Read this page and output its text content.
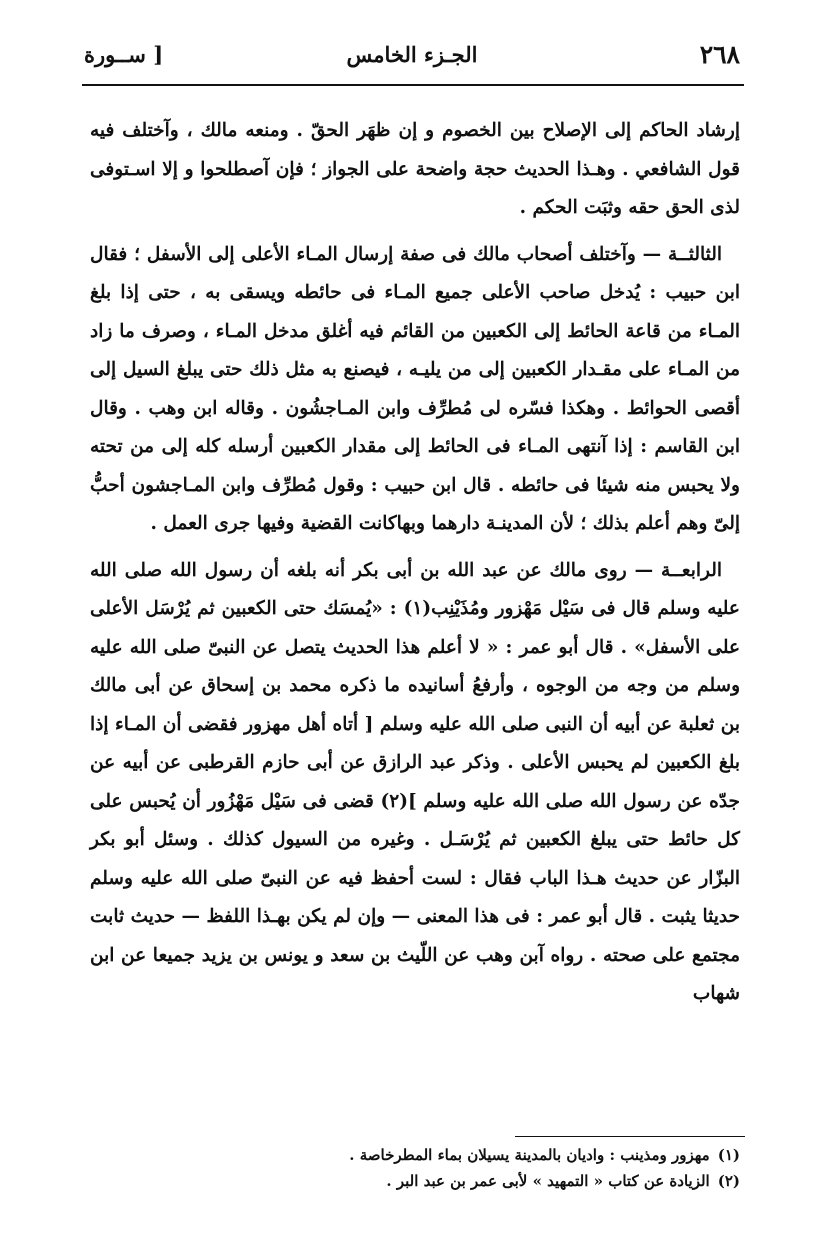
٢٦٨
الجـزء الخامس
[ ســورة

إرشاد الحاكم إلى الإصلاح بين الخصوم و إن ظهَر الحقّ . ومنعه مالك ، وآختلف فيه قول الشافعي . وهـذا الحديث حجة واضحة على الجواز ؛ فإن آصطلحوا و إلا اسـتوفى لذى الحق حقه وثبَت الحكم .

الثالثــة — وآختلف أصحاب مالك فى صفة إرسال المـاء الأعلى إلى الأسفل ؛ فقال ابن حبيب : يُدخل صاحب الأعلى جميع المـاء فى حائطه ويسقى به ، حتى إذا بلغ المـاء من قاعة الحائط إلى الكعبين من القائم فيه أغلق مدخل المـاء ، وصرف ما زاد من المـاء على مقـدار الكعبين إلى من يليـه ، فيصنع به مثل ذلك حتى يبلغ السيل إلى أقصى الحوائط . وهكذا فسّره لى مُطرِّف وابن المـاجشُون . وقاله ابن وهب . وقال ابن القاسم : إذا آنتهى المـاء فى الحائط إلى مقدار الكعبين أرسله كله إلى من تحته ولا يحبس منه شيئا فى حائطه . قال ابن حبيب : وقول مُطرِّف وابن المـاجشون أحبُّ إلىّ وهم أعلم بذلك ؛ لأن المدينـة دارهما وبهاكانت القضية وفيها جرى العمل .

الرابعــة — روى مالك عن عبد الله بن أبى بكر أنه بلغه أن رسول الله صلى الله عليه وسلم قال فى سَيْل مَهْزور ومُذَيْنِب(١) : «يُمسَك حتى الكعبين ثم يُرْسَل الأعلى على الأسفل» . قال أبو عمر : « لا أعلم هذا الحديث يتصل عن النبىّ صلى الله عليه وسلم من وجه من الوجوه ، وأرفعُ أسانيده ما ذكره محمد بن إسحاق عن أبى مالك بن ثعلبة عن أبيه أن النبى صلى الله عليه وسلم [ أتاه أهل مهزور فقضى أن المـاء إذا بلغ الكعبين لم يحبس الأعلى . وذكر عبد الرازق عن أبى حازم القرطبى عن أبيه عن جدّه عن رسول الله صلى الله عليه وسلم ](٢) قضى فى سَيْل مَهْزُور أن يُحبس على كل حائط حتى يبلغ الكعبين ثم يُرْسَـل . وغيره من السيول كذلك . وسئل أبو بكر البزّار عن حديث هـذا الباب فقال : لست أحفظ فيه عن النبىّ صلى الله عليه وسلم حديثا يثبت . قال أبو عمر : فى هذا المعنى — وإن لم يكن بهـذا اللفظ — حديث ثابت مجتمع على صحته . رواه آبن وهب عن اللّيث بن سعد و يونس بن يزيد جميعا عن ابن شهاب

(١)مهزور ومذينب : واديان بالمدينة يسيلان بماء المطرخاصة .
(٢)الزيادة عن كتاب « التمهيد » لأبى عمر بن عبد البر .
